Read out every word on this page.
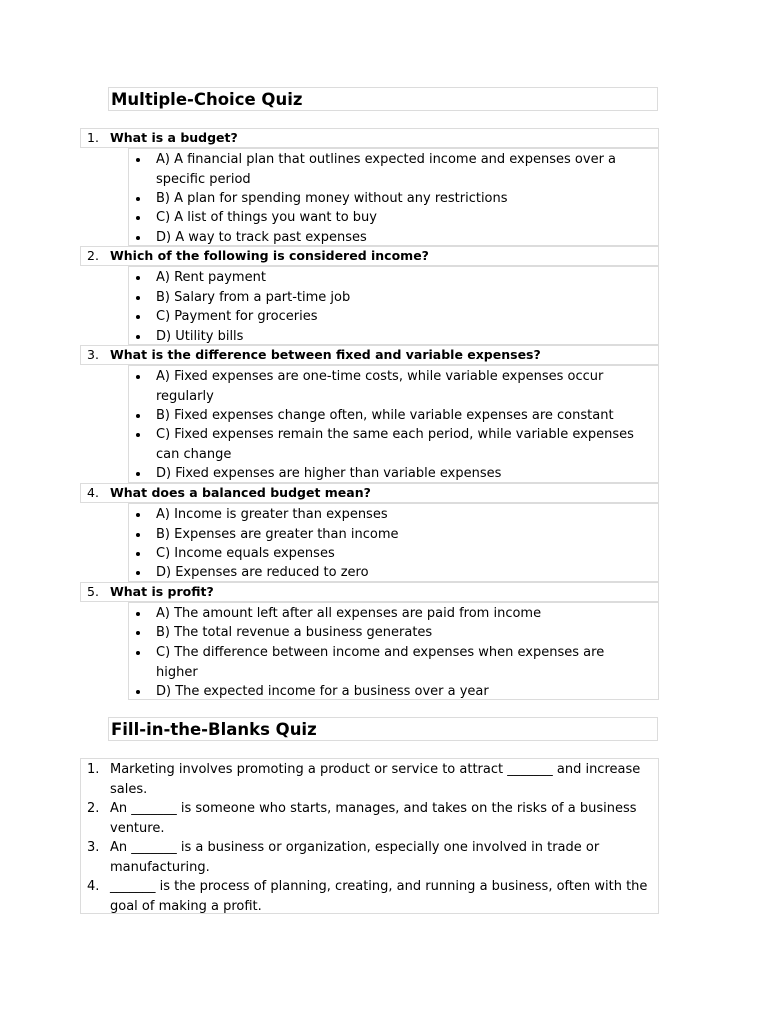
Multiple-Choice Quiz
1. What is a budget?
A) A financial plan that outlines expected income and expenses over a specific period
B) A plan for spending money without any restrictions
C) A list of things you want to buy
D) A way to track past expenses
2. Which of the following is considered income?
A) Rent payment
B) Salary from a part-time job
C) Payment for groceries
D) Utility bills
3. What is the difference between fixed and variable expenses?
A) Fixed expenses are one-time costs, while variable expenses occur regularly
B) Fixed expenses change often, while variable expenses are constant
C) Fixed expenses remain the same each period, while variable expenses can change
D) Fixed expenses are higher than variable expenses
4. What does a balanced budget mean?
A) Income is greater than expenses
B) Expenses are greater than income
C) Income equals expenses
D) Expenses are reduced to zero
5. What is profit?
A) The amount left after all expenses are paid from income
B) The total revenue a business generates
C) The difference between income and expenses when expenses are higher
D) The expected income for a business over a year
Fill-in-the-Blanks Quiz
1. Marketing involves promoting a product or service to attract _______ and increase sales.
2. An _______ is someone who starts, manages, and takes on the risks of a business venture.
3. An _______ is a business or organization, especially one involved in trade or manufacturing.
4. _______ is the process of planning, creating, and running a business, often with the goal of making a profit.
